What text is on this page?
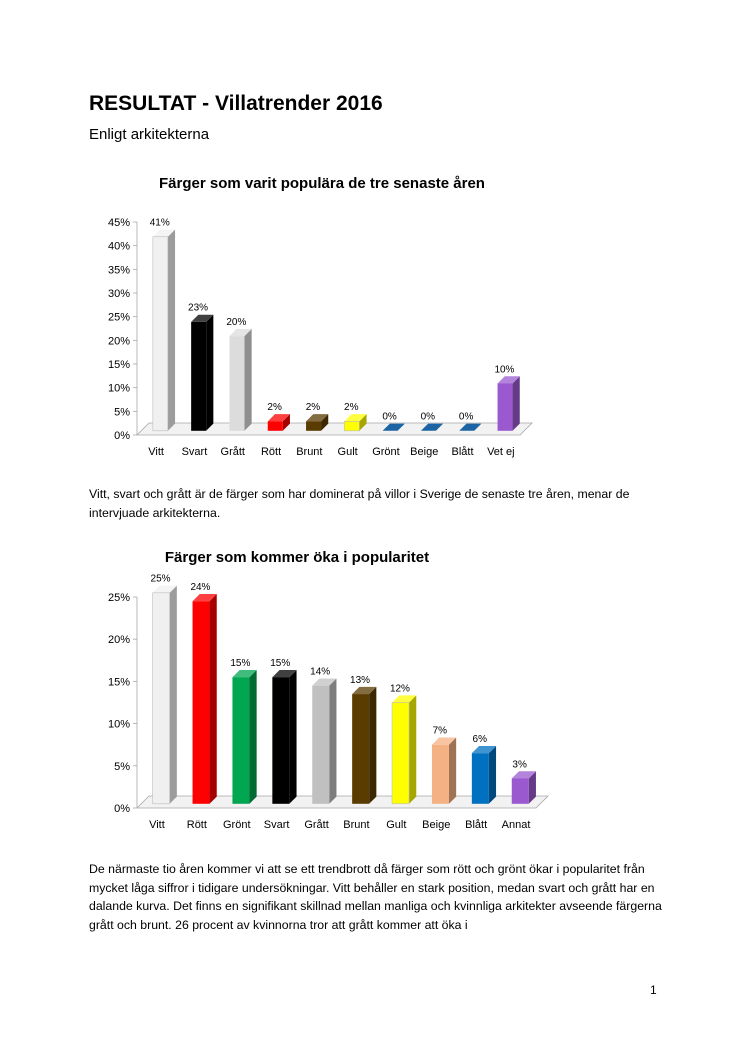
RESULTAT - Villatrender 2016

Enligt arkitekterna

Färger som varit populära de tre senaste åren
0%
5%
10%
15%
20%
25%
30%
35%
40%
45% 41%
Vitt
23%
Svart
20%
Grått
2%
Rött
2%
Brunt
2%
Gult
0%
Grönt
0%
Beige
0%
Blått
10%
Vet ej

Vitt, svart och grått är de färger som har dominerat på villor i Sverige de senaste tre åren, menar de intervjuade arkitekterna.

Färger som kommer öka i popularitet
0%
5%
10%
15%
20%
25%
25%
Vitt
24%
Rött
15%
Grönt
15%
Svart
14%
Grått
13%
Brunt
12%
Gult
7%
Beige
6%
Blått
3%
Annat

De närmaste tio åren kommer vi att se ett trendbrott då färger som rött och grönt ökar i popularitet från mycket låga siffror i tidigare undersökningar. Vitt behåller en stark position, medan svart och grått har en dalande kurva. Det finns en signifikant skillnad mellan manliga och kvinnliga arkitekter avseende färgerna grått och brunt. 26 procent av kvinnorna tror att grått kommer att öka i

1
